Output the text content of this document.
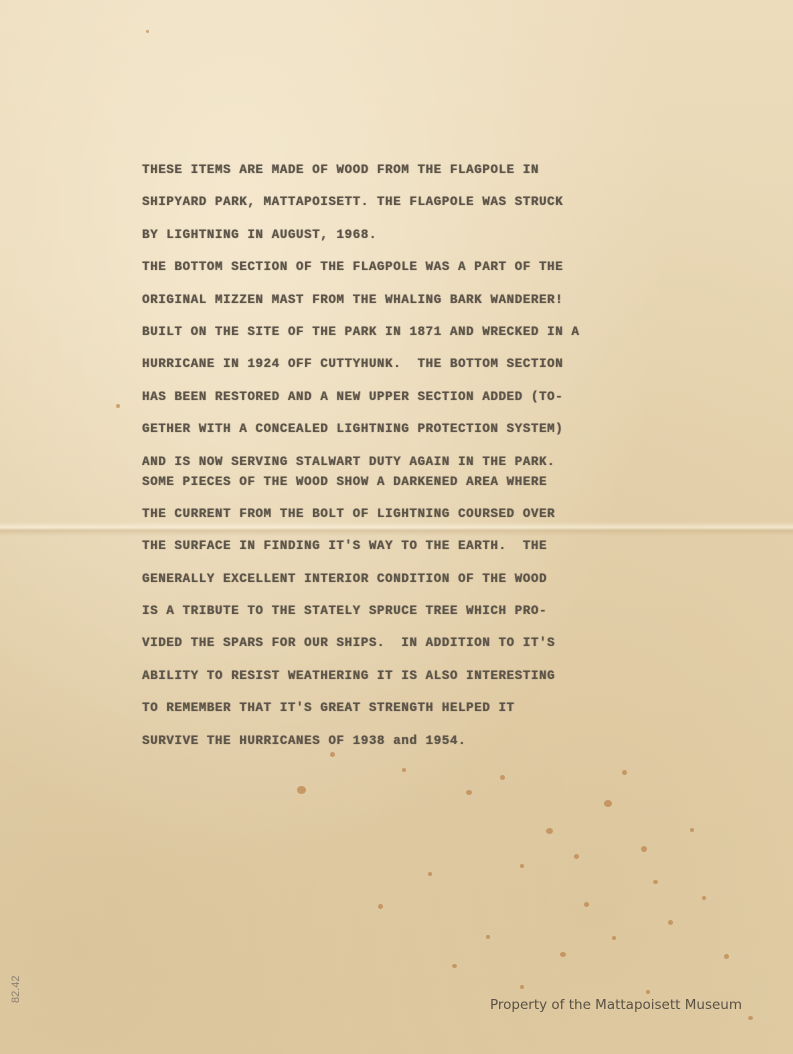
THESE ITEMS ARE MADE OF WOOD FROM THE FLAGPOLE IN
SHIPYARD PARK, MATTAPOISETT. THE FLAGPOLE WAS STRUCK
BY LIGHTNING IN AUGUST, 1968.
THE BOTTOM SECTION OF THE FLAGPOLE WAS A PART OF THE
ORIGINAL MIZZEN MAST FROM THE WHALING BARK WANDERER!
BUILT ON THE SITE OF THE PARK IN 1871 AND WRECKED IN A
HURRICANE IN 1924 OFF CUTTYHUNK.  THE BOTTOM SECTION
HAS BEEN RESTORED AND A NEW UPPER SECTION ADDED (TO-
GETHER WITH A CONCEALED LIGHTNING PROTECTION SYSTEM)
AND IS NOW SERVING STALWART DUTY AGAIN IN THE PARK.
SOME PIECES OF THE WOOD SHOW A DARKENED AREA WHERE
THE CURRENT FROM THE BOLT OF LIGHTNING COURSED OVER
THE SURFACE IN FINDING IT'S WAY TO THE EARTH.  THE
GENERALLY EXCELLENT INTERIOR CONDITION OF THE WOOD
IS A TRIBUTE TO THE STATELY SPRUCE TREE WHICH PRO-
VIDED THE SPARS FOR OUR SHIPS.  IN ADDITION TO IT'S
ABILITY TO RESIST WEATHERING IT IS ALSO INTERESTING
TO REMEMBER THAT IT'S GREAT STRENGTH HELPED IT
SURVIVE THE HURRICANES OF 1938 and 1954.

82.42
Property of the Mattapoisett Museum
